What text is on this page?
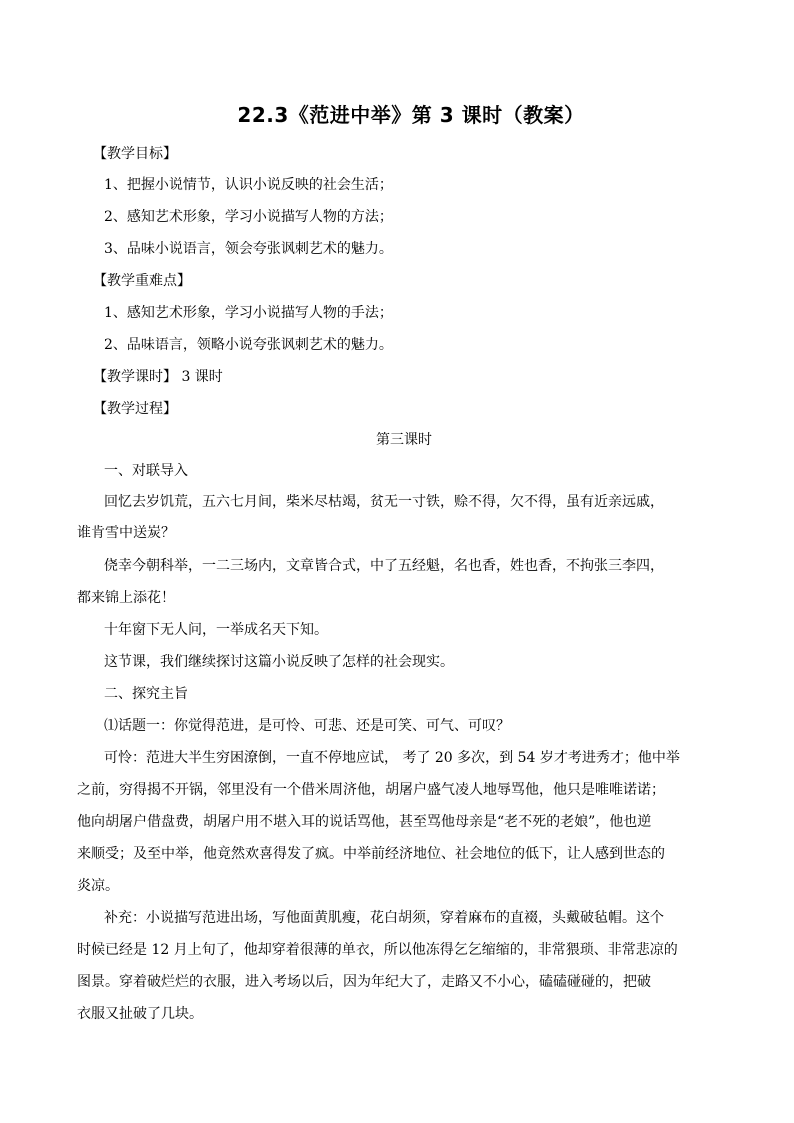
22.3《范进中举》第 3 课时（教案）
【教学目标】
1、把握小说情节，认识小说反映的社会生活；
2、感知艺术形象，学习小说描写人物的方法；
3、品味小说语言，领会夸张讽刺艺术的魅力。
【教学重难点】
1、感知艺术形象，学习小说描写人物的手法；
2、品味语言，领略小说夸张讽刺艺术的魅力。
【教学课时】 3 课时
【教学过程】
第三课时
一、对联导入
回忆去岁饥荒，五六七月间，柴米尽枯竭，贫无一寸铁，赊不得，欠不得，虽有近亲远戚，
谁肯雪中送炭？
侥幸今朝科举，一二三场内，文章皆合式，中了五经魁，名也香，姓也香，不拘张三李四，
都来锦上添花！
十年窗下无人问，一举成名天下知。
这节课，我们继续探讨这篇小说反映了怎样的社会现实。
二、探究主旨
⑴话题一：你觉得范进，是可怜、可悲、还是可笑、可气、可叹？
可怜：范进大半生穷困潦倒，一直不停地应试， 考了 20 多次，到 54 岁才考进秀才；他中举
之前，穷得揭不开锅，邻里没有一个借米周济他，胡屠户盛气凌人地辱骂他，他只是唯唯诺诺；
他向胡屠户借盘费，胡屠户用不堪入耳的说话骂他，甚至骂他母亲是“老不死的老娘”，他也逆
来顺受；及至中举，他竟然欢喜得发了疯。中举前经济地位、社会地位的低下，让人感到世态的
炎凉。
补充：小说描写范进出场，写他面黄肌瘦，花白胡须，穿着麻布的直裰，头戴破毡帽。这个
时候已经是 12 月上旬了，他却穿着很薄的单衣，所以他冻得乞乞缩缩的，非常猥琐、非常悲凉的
图景。穿着破烂烂的衣服，进入考场以后，因为年纪大了，走路又不小心，磕磕碰碰的，把破
衣服又扯破了几块。
